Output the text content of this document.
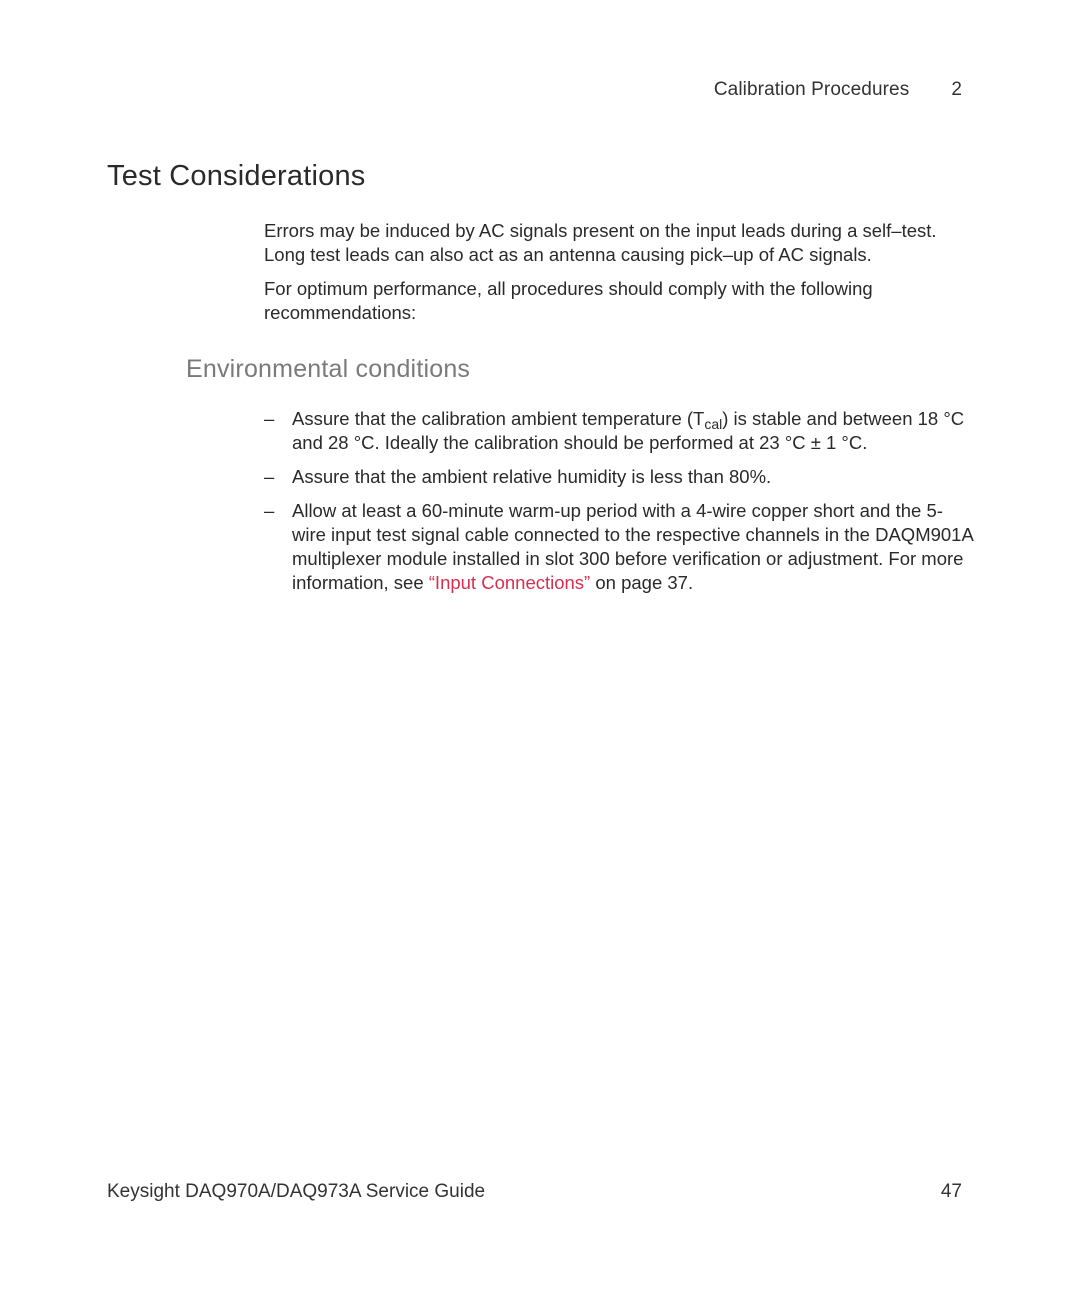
Calibration Procedures 2
Test Considerations

Errors may be induced by AC signals present on the input leads during a self–test. Long test leads can also act as an antenna causing pick–up of AC signals.

For optimum performance, all procedures should comply with the following recommendations:

Environmental conditions
– Assure that the calibration ambient temperature $(T_{cal})$ is stable and between 18 °C and 28 °C. Ideally the calibration should be performed at 23 °C ± 1 °C.
– Assure that the ambient relative humidity is less than 80%.
– Allow at least a 60-minute warm-up period with a 4-wire copper short and the 5-wire input test signal cable connected to the respective channels in the DAQM901A multiplexer module installed in slot 300 before verification or adjustment. For more information, see “Input Connections” on page 37.
Keysight DAQ970A/DAQ973A Service Guide	47
